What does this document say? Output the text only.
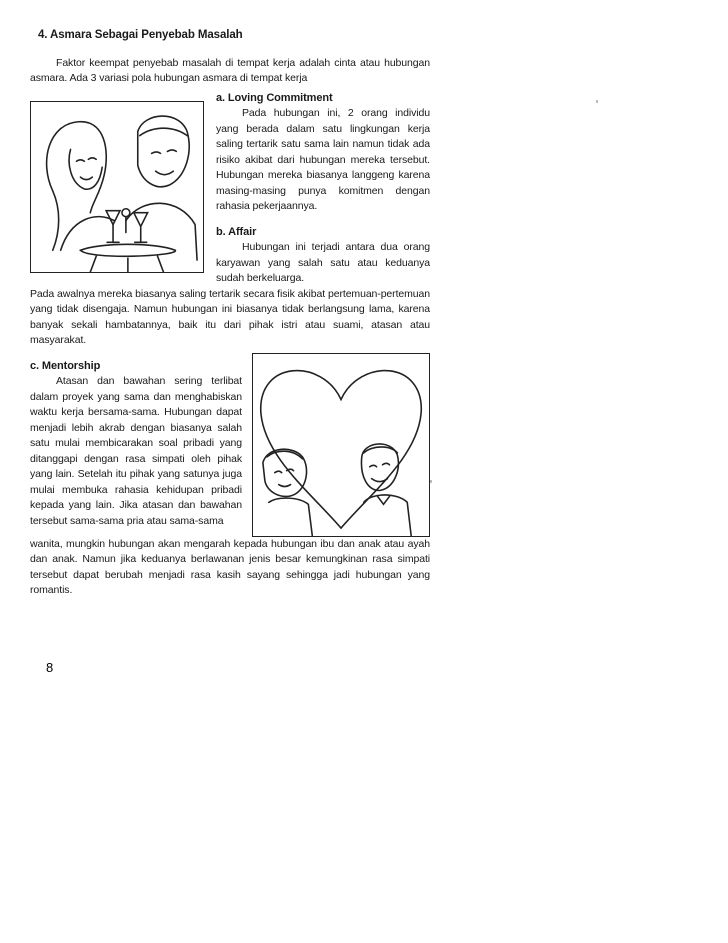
4. Asmara Sebagai Penyebab Masalah

Faktor keempat penyebab masalah di tempat kerja adalah cinta atau hubungan asmara. Ada 3 variasi pola hubungan asmara di tempat kerja

a. Loving Commitment

Pada hubungan ini, 2 orang individu yang berada dalam satu lingkungan kerja saling tertarik satu sama lain namun tidak ada risiko akibat dari hubungan mereka tersebut. Hubungan mereka biasanya langgeng karena masing-masing punya komitmen dengan rahasia pekerjaannya.

b. Affair

Hubungan ini terjadi antara dua orang karyawan yang salah satu atau keduanya sudah berkeluarga.

Pada awalnya mereka biasanya saling tertarik secara fisik akibat pertemuan-pertemuan yang tidak disengaja. Namun hubungan ini biasanya tidak berlangsung lama, karena banyak sekali hambatannya, baik itu dari pihak istri atau suami, atasan atau masyarakat.

c. Mentorship

Atasan dan bawahan sering terlibat dalam proyek yang sama dan menghabiskan waktu kerja bersama-sama. Hubungan dapat menjadi lebih akrab dengan biasanya salah satu mulai membicarakan soal pribadi yang ditanggapi dengan rasa simpati oleh pihak yang lain. Setelah itu pihak yang satunya juga mulai membuka rahasia kehidupan pribadi kepada yang lain. Jika atasan dan bawahan tersebut sama-sama pria atau sama-sama

wanita, mungkin hubungan akan mengarah kepada hubungan ibu dan anak atau ayah dan anak. Namun jika keduanya berlawanan jenis besar kemungkinan rasa simpati tersebut dapat berubah menjadi rasa kasih sayang sehingga jadi hubungan yang romantis.

8
